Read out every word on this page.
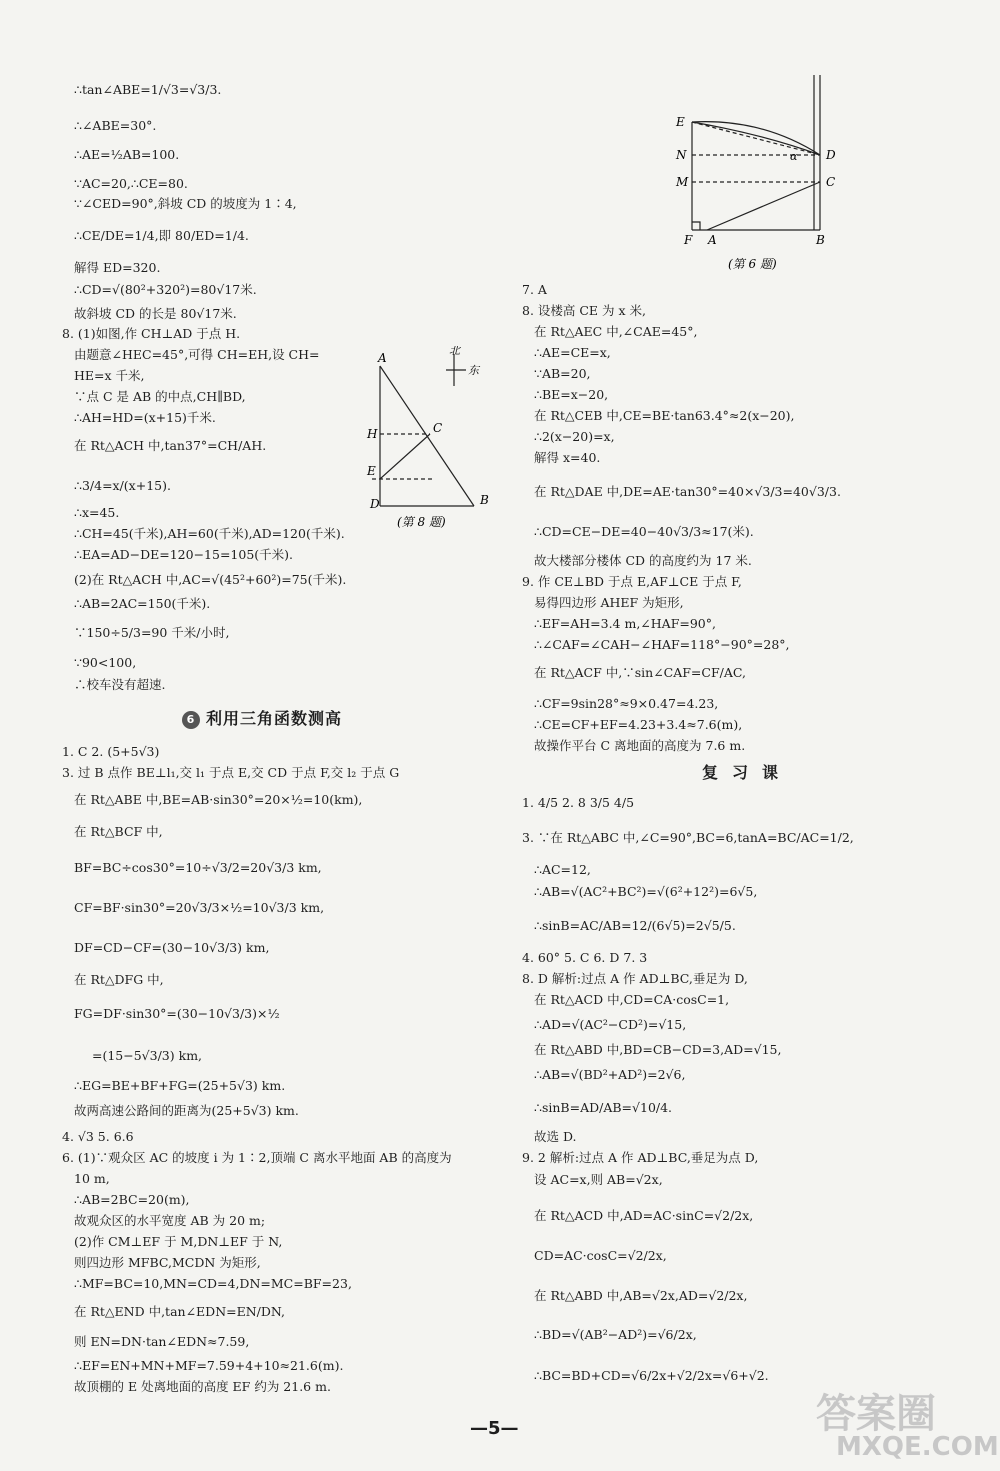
∴tan∠ABE=1/√3=√3/3.
∴∠ABE=30°.
∴AE=½AB=100.
∵AC=20,∴CE=80.
∵∠CED=90°,斜坡 CD 的坡度为 1∶4,
∴CE/DE=1/4,即 80/ED=1/4.
解得 ED=320.
∴CD=√(80²+320²)=80√17米.
故斜坡 CD 的长是 80√17米.
8. (1)如图,作 CH⊥AD 于点 H.
由题意∠HEC=45°,可得 CH=EH,设 CH=
HE=x 千米,
∵点 C 是 AB 的中点,CH∥BD,
∴AH=HD=(x+15)千米.
在 Rt△ACH 中,tan37°=CH/AH.
∴3/4=x/(x+15).
∴x=45.
∴CH=45(千米),AH=60(千米),AD=120(千米).
∴EA=AD−DE=120−15=105(千米).
(2)在 Rt△ACH 中,AC=√(45²+60²)=75(千米).
∴AB=2AC=150(千米).
∵150÷5/3=90 千米/小时,
∵90<100,
∴校车没有超速.
6 利用三角函数测高
1. C 2. (5+5√3)
3. 过 B 点作 BE⊥l₁,交 l₁ 于点 E,交 CD 于点 F,交 l₂ 于点 G
在 Rt△ABE 中,BE=AB·sin30°=20×½=10(km),
在 Rt△BCF 中,
BF=BC÷cos30°=10÷√3/2=20√3/3 km,
CF=BF·sin30°=20√3/3×½=10√3/3 km,
DF=CD−CF=(30−10√3/3) km,
在 Rt△DFG 中,
FG=DF·sin30°=(30−10√3/3)×½
=(15−5√3/3) km,
∴EG=BE+BF+FG=(25+5√3) km.
故两高速公路间的距离为(25+5√3) km.
4. √3 5. 6.6
6. (1)∵观众区 AC 的坡度 i 为 1∶2,顶端 C 离水平地面 AB 的高度为
10 m,
∴AB=2BC=20(m),
故观众区的水平宽度 AB 为 20 m;
(2)作 CM⊥EF 于 M,DN⊥EF 于 N,
则四边形 MFBC,MCDN 为矩形,
∴MF=BC=10,MN=CD=4,DN=MC=BF=23,
在 Rt△END 中,tan∠EDN=EN/DN,
则 EN=DN·tan∠EDN≈7.59,
∴EF=EN+MN+MF=7.59+4+10≈21.6(m).
故顶棚的 E 处离地面的高度 EF 约为 21.6 m.
A
H	C
E
D	B
北
东
(第 8 题)
E
N
M
F A	B
C
D
α
(第 6 题)
7. A
8. 设楼高 CE 为 x 米,
在 Rt△AEC 中,∠CAE=45°,
∴AE=CE=x,
∵AB=20,
∴BE=x−20,
在 Rt△CEB 中,CE=BE·tan63.4°≈2(x−20),
∴2(x−20)=x,
解得 x=40.
在 Rt△DAE 中,DE=AE·tan30°=40×√3/3=40√3/3.
∴CD=CE−DE=40−40√3/3≈17(米).
故大楼部分楼体 CD 的高度约为 17 米.
9. 作 CE⊥BD 于点 E,AF⊥CE 于点 F,
易得四边形 AHEF 为矩形,
∴EF=AH=3.4 m,∠HAF=90°,
∴∠CAF=∠CAH−∠HAF=118°−90°=28°,
在 Rt△ACF 中,∵sin∠CAF=CF/AC,
∴CF=9sin28°≈9×0.47=4.23,
∴CE=CF+EF=4.23+3.4≈7.6(m),
故操作平台 C 离地面的高度为 7.6 m.
复习课
1. 4/5 2. 8 3/5 4/5
3. ∵在 Rt△ABC 中,∠C=90°,BC=6,tanA=BC/AC=1/2,
∴AC=12,
∴AB=√(AC²+BC²)=√(6²+12²)=6√5,
∴sinB=AC/AB=12/(6√5)=2√5/5.
4. 60° 5. C 6. D 7. 3
8. D 解析:过点 A 作 AD⊥BC,垂足为 D,
在 Rt△ACD 中,CD=CA·cosC=1,
∴AD=√(AC²−CD²)=√15,
在 Rt△ABD 中,BD=CB−CD=3,AD=√15,
∴AB=√(BD²+AD²)=2√6,
∴sinB=AD/AB=√10/4.
故选 D.
9. 2 解析:过点 A 作 AD⊥BC,垂足为点 D,
设 AC=x,则 AB=√2x,
在 Rt△ACD 中,AD=AC·sinC=√2/2x,
CD=AC·cosC=√2/2x,
在 Rt△ABD 中,AB=√2x,AD=√2/2x,
∴BD=√(AB²−AD²)=√6/2x,
∴BC=BD+CD=√6/2x+√2/2x=√6+√2.
—5—	答案圈
MXQE.COM
